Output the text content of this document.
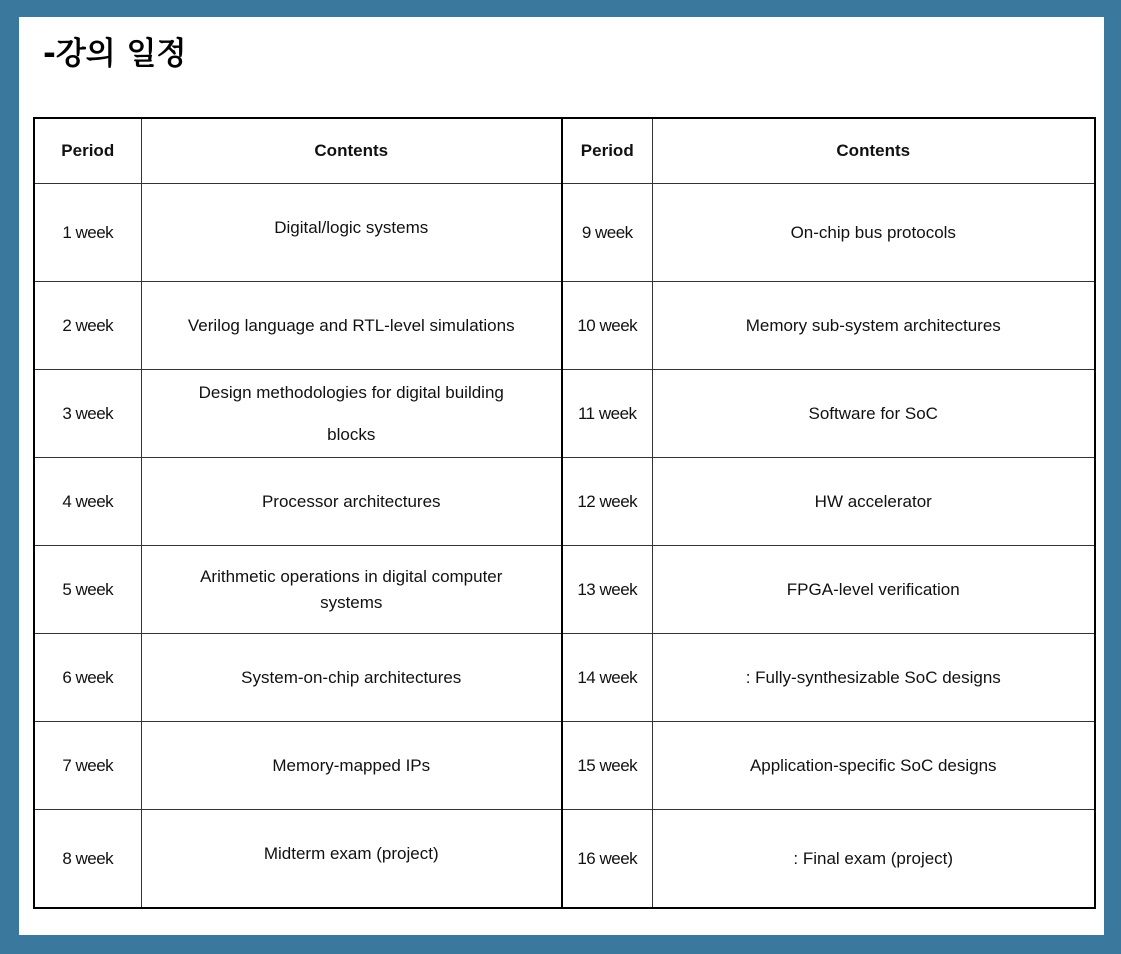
-강의 일정
Period	Contents	Period	Contents
1 week	Digital/logic systems	9 week	On-chip bus protocols
2 week	Verilog language and RTL-level simulations	10 week	Memory sub-system architectures
3 week	Design methodologies for digital building blocks	11 week	Software for SoC
4 week	Processor architectures	12 week	HW accelerator
5 week	Arithmetic operations in digital computer systems	13 week	FPGA-level verification
6 week	System-on-chip architectures	14 week	: Fully-synthesizable SoC designs
7 week	Memory-mapped IPs	15 week	Application-specific SoC designs
8 week	Midterm exam (project)	16 week	: Final exam (project)
